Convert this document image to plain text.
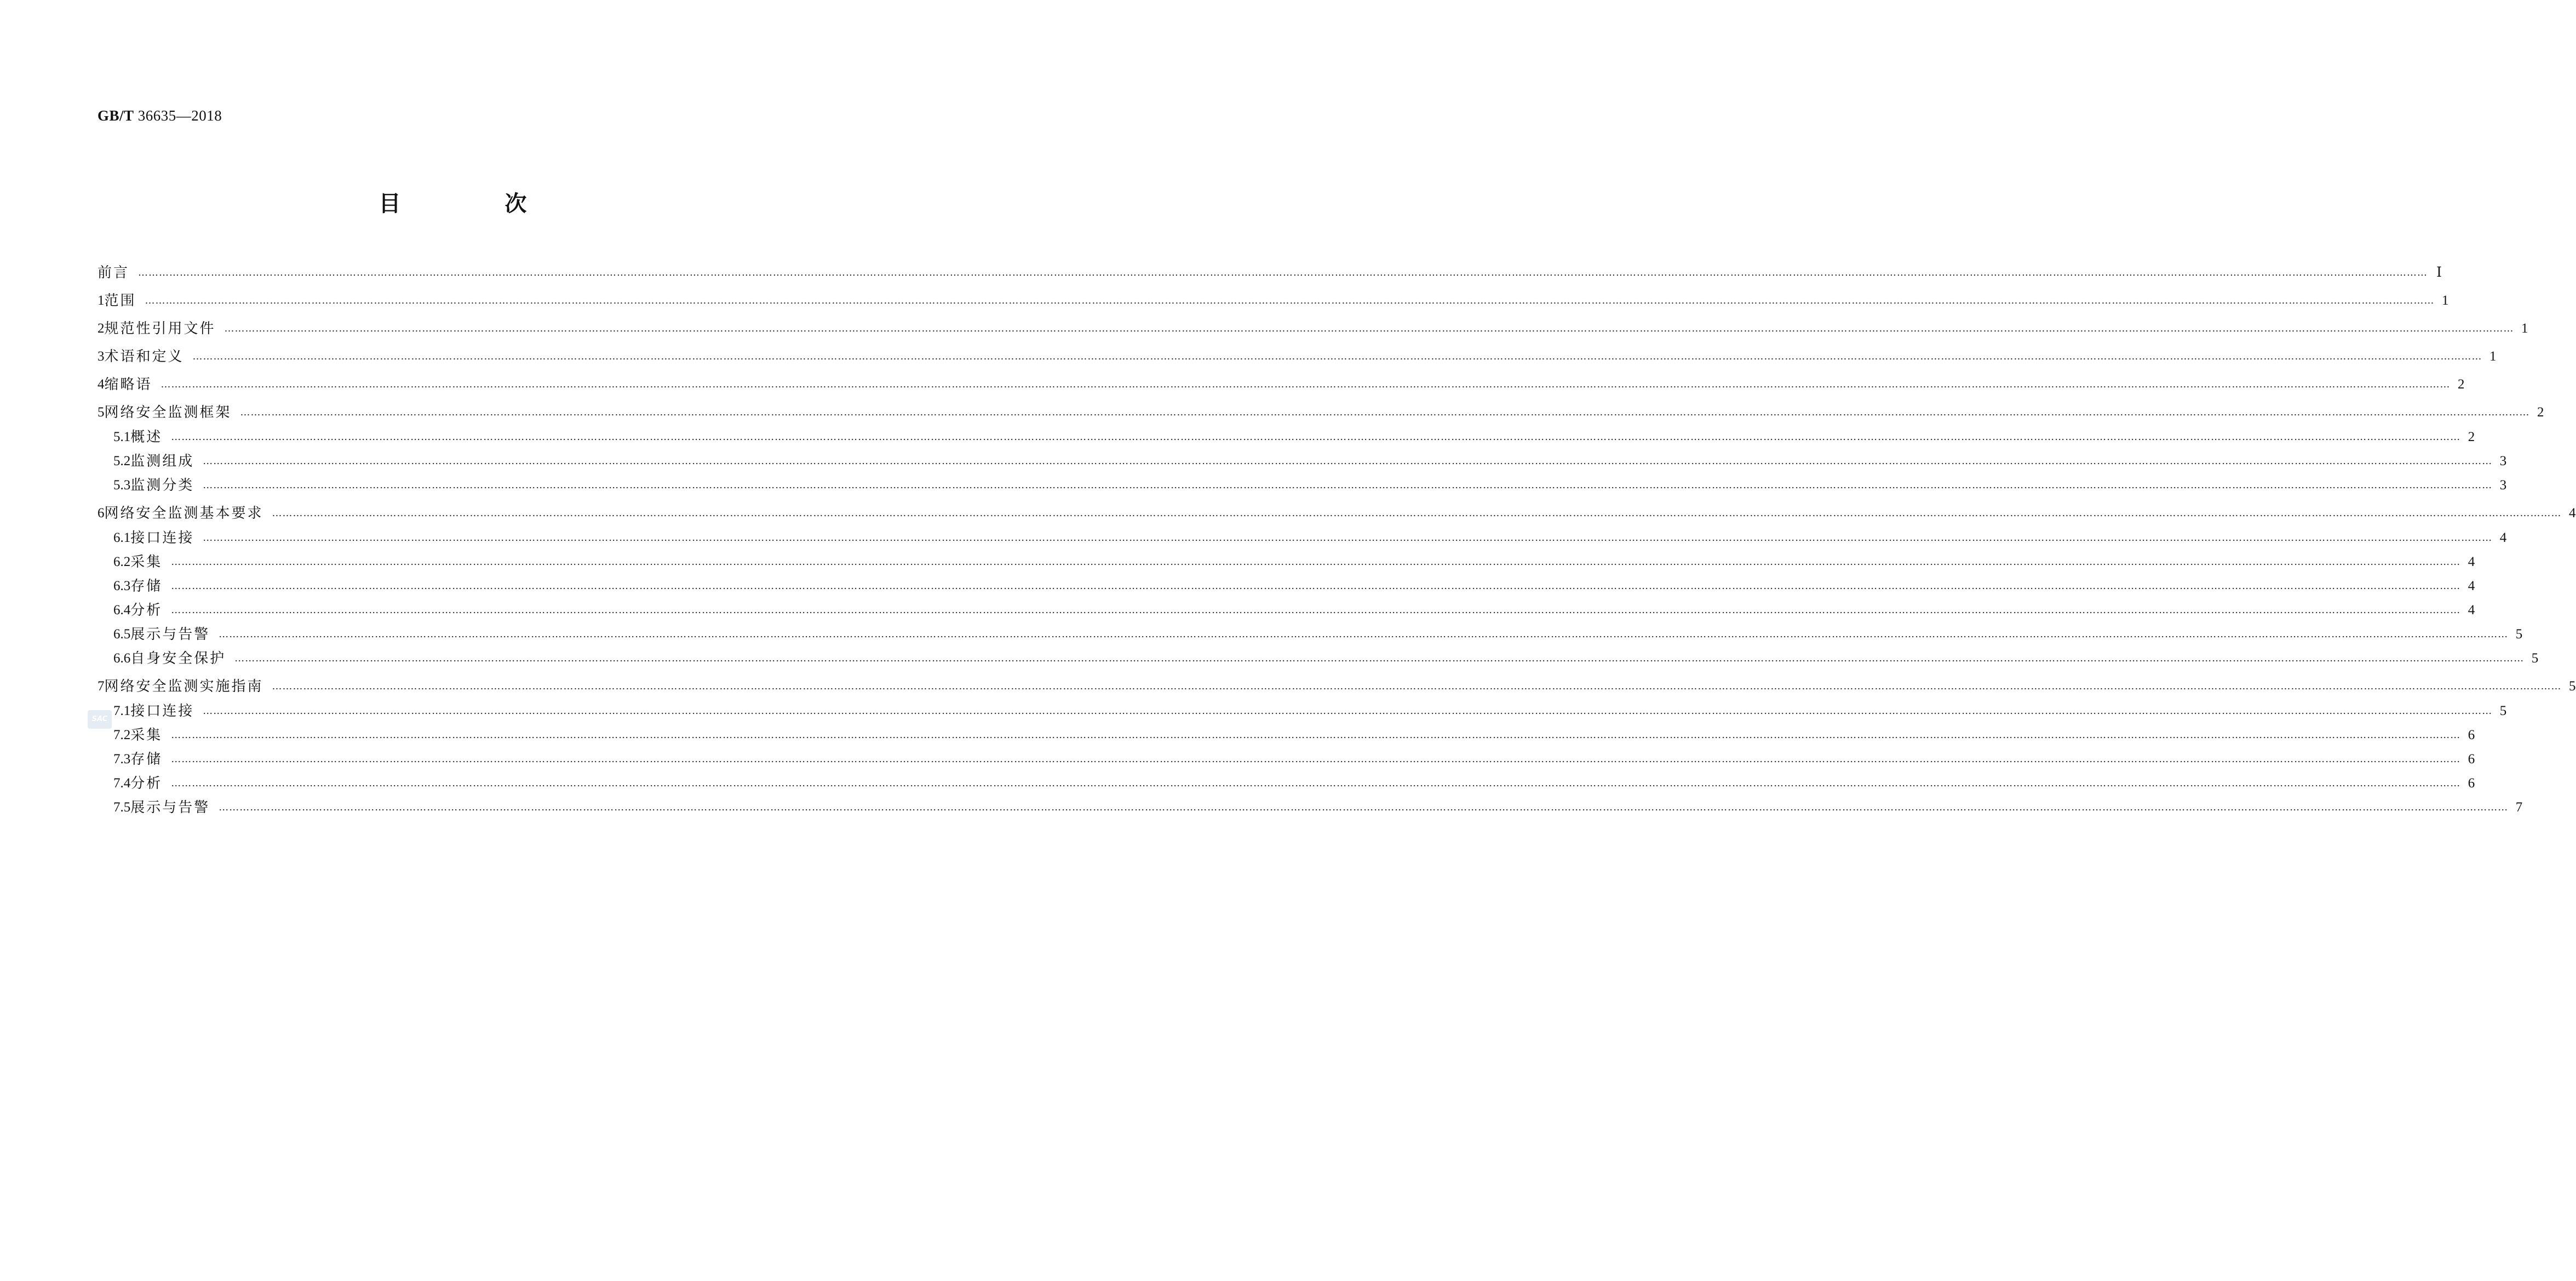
GB/T 36635—2018
目 次
前言 ………………………………………………………………………………………………………………………………………………………………………………………………………………………………………………………………………………………………………………………………………………………………………………………………………………………………………………………………………………………………………………………………………………………………………………………………………… Ⅰ
1 范围 ………………………………………………………………………………………………………………………………………………………………………………………………………………………………………………………………………………………………………………………………………………………………………………………………………………………………………………………………………………………………………………………………………………………………………………………………………… 1
2 规范性引用文件 ………………………………………………………………………………………………………………………………………………………………………………………………………………………………………………………………………………………………………………………………………………………………………………………………………………………………………………………………………………………………………………………………………………………………………………………………………… 1
3 术语和定义 ………………………………………………………………………………………………………………………………………………………………………………………………………………………………………………………………………………………………………………………………………………………………………………………………………………………………………………………………………………………………………………………………………………………………………………………………………… 1
4 缩略语 ………………………………………………………………………………………………………………………………………………………………………………………………………………………………………………………………………………………………………………………………………………………………………………………………………………………………………………………………………………………………………………………………………………………………………………………………………… 2
5 网络安全监测框架 ………………………………………………………………………………………………………………………………………………………………………………………………………………………………………………………………………………………………………………………………………………………………………………………………………………………………………………………………………………………………………………………………………………………………………………………………………… 2
5.1 概述 ………………………………………………………………………………………………………………………………………………………………………………………………………………………………………………………………………………………………………………………………………………………………………………………………………………………………………………………………………………………………………………………………………………………………………………………………………… 2
5.2 监测组成 ………………………………………………………………………………………………………………………………………………………………………………………………………………………………………………………………………………………………………………………………………………………………………………………………………………………………………………………………………………………………………………………………………………………………………………………………………… 3
5.3 监测分类 ………………………………………………………………………………………………………………………………………………………………………………………………………………………………………………………………………………………………………………………………………………………………………………………………………………………………………………………………………………………………………………………………………………………………………………………………………… 3
6 网络安全监测基本要求 ………………………………………………………………………………………………………………………………………………………………………………………………………………………………………………………………………………………………………………………………………………………………………………………………………………………………………………………………………………………………………………………………………………………………………………………………………… 4
6.1 接口连接 ………………………………………………………………………………………………………………………………………………………………………………………………………………………………………………………………………………………………………………………………………………………………………………………………………………………………………………………………………………………………………………………………………………………………………………………………………… 4
6.2 采集 ………………………………………………………………………………………………………………………………………………………………………………………………………………………………………………………………………………………………………………………………………………………………………………………………………………………………………………………………………………………………………………………………………………………………………………………………………… 4
6.3 存储 ………………………………………………………………………………………………………………………………………………………………………………………………………………………………………………………………………………………………………………………………………………………………………………………………………………………………………………………………………………………………………………………………………………………………………………………………………… 4
6.4 分析 ………………………………………………………………………………………………………………………………………………………………………………………………………………………………………………………………………………………………………………………………………………………………………………………………………………………………………………………………………………………………………………………………………………………………………………………………………… 4
6.5 展示与告警 ………………………………………………………………………………………………………………………………………………………………………………………………………………………………………………………………………………………………………………………………………………………………………………………………………………………………………………………………………………………………………………………………………………………………………………………………………… 5
6.6 自身安全保护 ………………………………………………………………………………………………………………………………………………………………………………………………………………………………………………………………………………………………………………………………………………………………………………………………………………………………………………………………………………………………………………………………………………………………………………………………………… 5
7 网络安全监测实施指南 ………………………………………………………………………………………………………………………………………………………………………………………………………………………………………………………………………………………………………………………………………………………………………………………………………………………………………………………………………………………………………………………………………………………………………………………………………… 5
7.1 接口连接 ………………………………………………………………………………………………………………………………………………………………………………………………………………………………………………………………………………………………………………………………………………………………………………………………………………………………………………………………………………………………………………………………………………………………………………………………………… 5
7.2 采集 ………………………………………………………………………………………………………………………………………………………………………………………………………………………………………………………………………………………………………………………………………………………………………………………………………………………………………………………………………………………………………………………………………………………………………………………………………… 6
7.3 存储 ………………………………………………………………………………………………………………………………………………………………………………………………………………………………………………………………………………………………………………………………………………………………………………………………………………………………………………………………………………………………………………………………………………………………………………………………………… 6
7.4 分析 ………………………………………………………………………………………………………………………………………………………………………………………………………………………………………………………………………………………………………………………………………………………………………………………………………………………………………………………………………………………………………………………………………………………………………………………………………… 6
7.5 展示与告警 ………………………………………………………………………………………………………………………………………………………………………………………………………………………………………………………………………………………………………………………………………………………………………………………………………………………………………………………………………………………………………………………………………………………………………………………………………… 7
SAC
